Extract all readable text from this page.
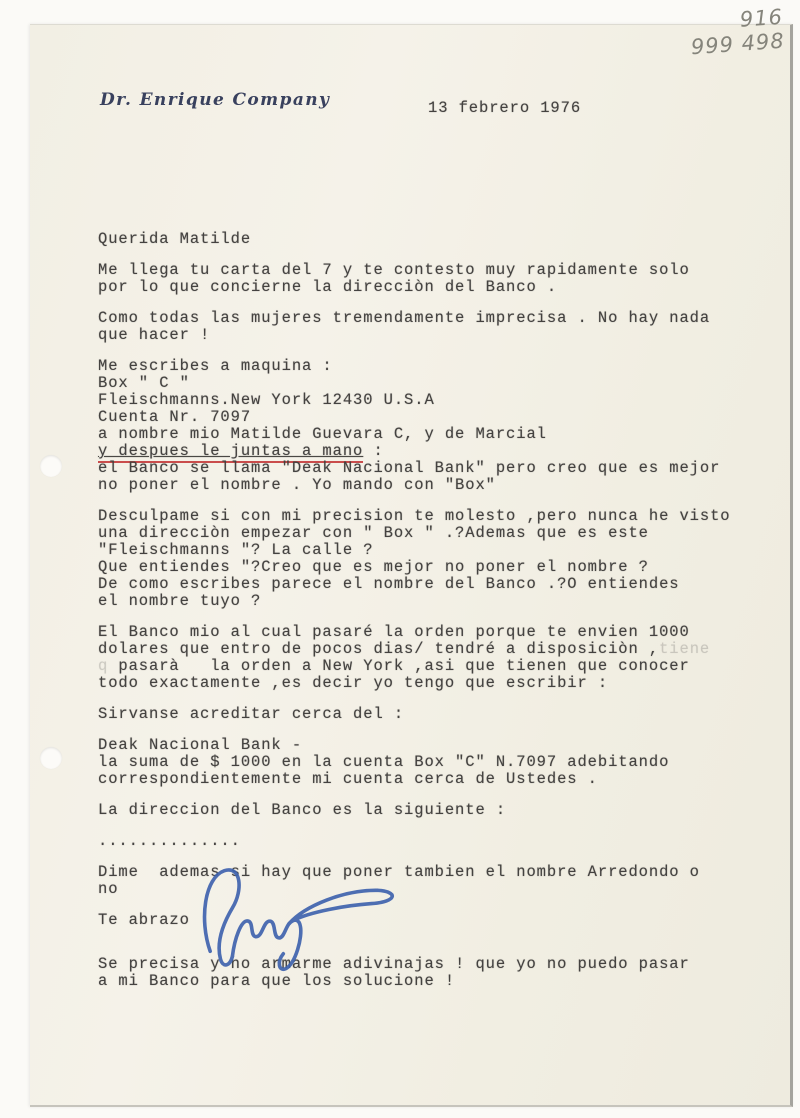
916
999 498
Dr. Enrique Company	13 febrero 1976
Querida Matilde
Me llega tu carta del 7 y te contesto muy rapidamente solo
por lo que concierne la direcciòn del Banco .
Como todas las mujeres tremendamente imprecisa . No hay nada
que hacer !
Me escribes a maquina :
Box " C "
Fleischmanns.New York 12430 U.S.A
Cuenta Nr. 7097
a nombre mio Matilde Guevara C, y de Marcial
y despues le juntas a mano :
el Banco se llama "Deak Nacional Bank" pero creo que es mejor
no poner el nombre . Yo mando con "Box"
Desculpame si con mi precision te molesto ,pero nunca he visto
una direcciòn empezar con " Box " .?Ademas que es este
"Fleischmanns "? La calle ?
Que entiendes "?Creo que es mejor no poner el nombre ?
De como escribes parece el nombre del Banco .?O entiendes
el nombre tuyo ?
El Banco mio al cual pasaré la orden porque te envien 1000
dolares que entro de pocos dias/ tendré a disposiciòn ,tiene
q pasarà   la orden a New York ,asi que tienen que conocer
todo exactamente ,es decir yo tengo que escribir :
Sirvanse acreditar cerca del :
Deak Nacional Bank -
la suma de $ 1000 en la cuenta Box "C" N.7097 adebitando
correspondientemente mi cuenta cerca de Ustedes .
La direccion del Banco es la siguiente :
..............
Dime  ademas si hay que poner tambien el nombre Arredondo o
no
Te abrazo
Se precisa y no armarme adivinajas ! que yo no puedo pasar
a mi Banco para que los solucione !
